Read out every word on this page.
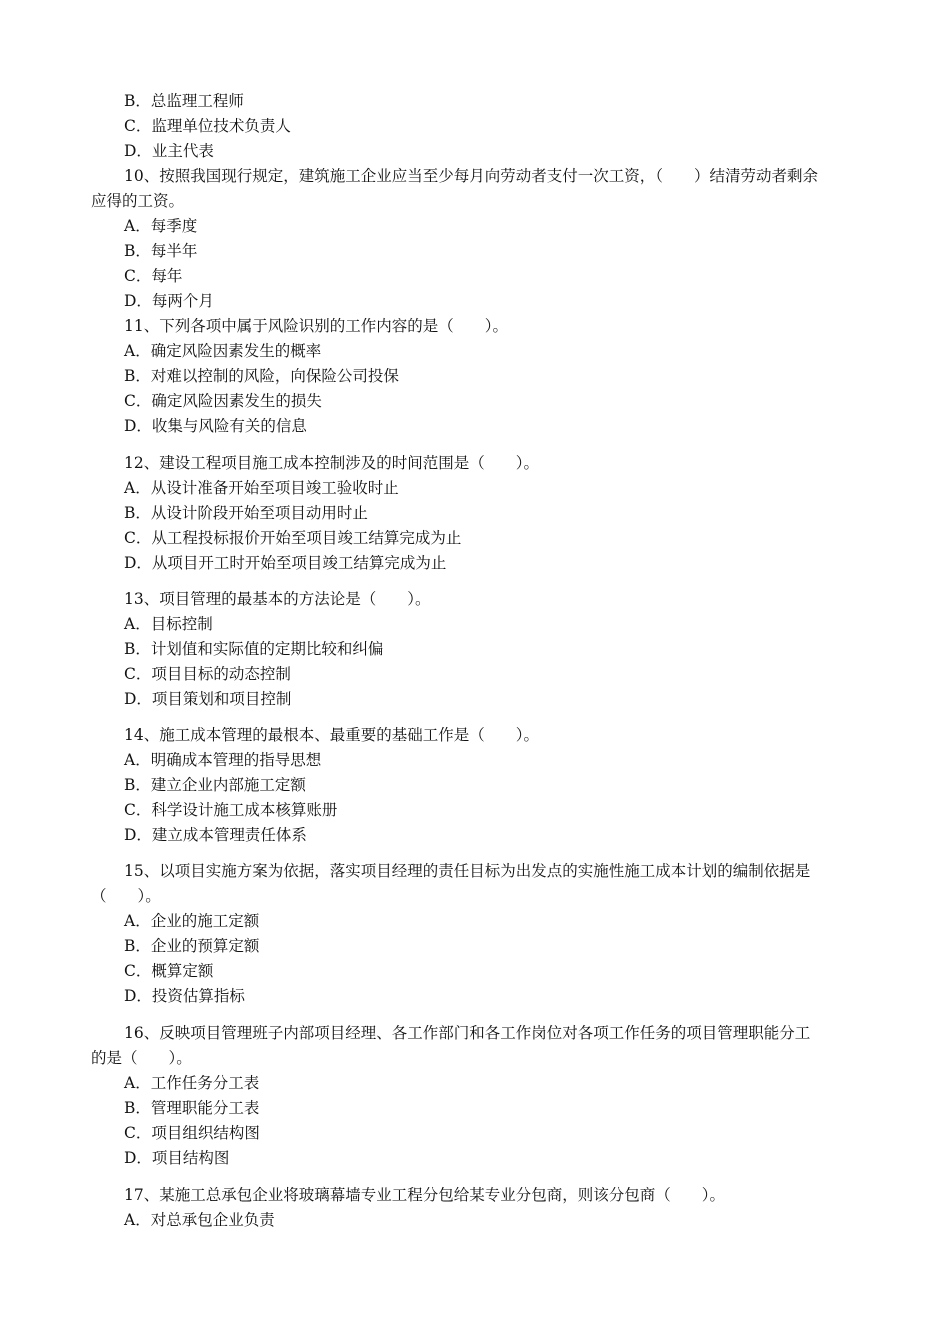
B．总监理工程师
C．监理单位技术负责人
D．业主代表
10、按照我国现行规定，建筑施工企业应当至少每月向劳动者支付一次工资，（　　）结清劳动者剩余
应得的工资。
A．每季度
B．每半年
C．每年
D．每两个月
11、下列各项中属于风险识别的工作内容的是（　　）。
A．确定风险因素发生的概率
B．对难以控制的风险，向保险公司投保
C．确定风险因素发生的损失
D．收集与风险有关的信息
12、建设工程项目施工成本控制涉及的时间范围是（　　）。
A．从设计准备开始至项目竣工验收时止
B．从设计阶段开始至项目动用时止
C．从工程投标报价开始至项目竣工结算完成为止
D．从项目开工时开始至项目竣工结算完成为止
13、项目管理的最基本的方法论是（　　）。
A．目标控制
B．计划值和实际值的定期比较和纠偏
C．项目目标的动态控制
D．项目策划和项目控制
14、施工成本管理的最根本、最重要的基础工作是（　　）。
A．明确成本管理的指导思想
B．建立企业内部施工定额
C．科学设计施工成本核算账册
D．建立成本管理责任体系
15、以项目实施方案为依据，落实项目经理的责任目标为出发点的实施性施工成本计划的编制依据是
（　　）。
A．企业的施工定额
B．企业的预算定额
C．概算定额
D．投资估算指标
16、反映项目管理班子内部项目经理、各工作部门和各工作岗位对各项工作任务的项目管理职能分工
的是（　　）。
A．工作任务分工表
B．管理职能分工表
C．项目组织结构图
D．项目结构图
17、某施工总承包企业将玻璃幕墙专业工程分包给某专业分包商，则该分包商（　　）。
A．对总承包企业负责
